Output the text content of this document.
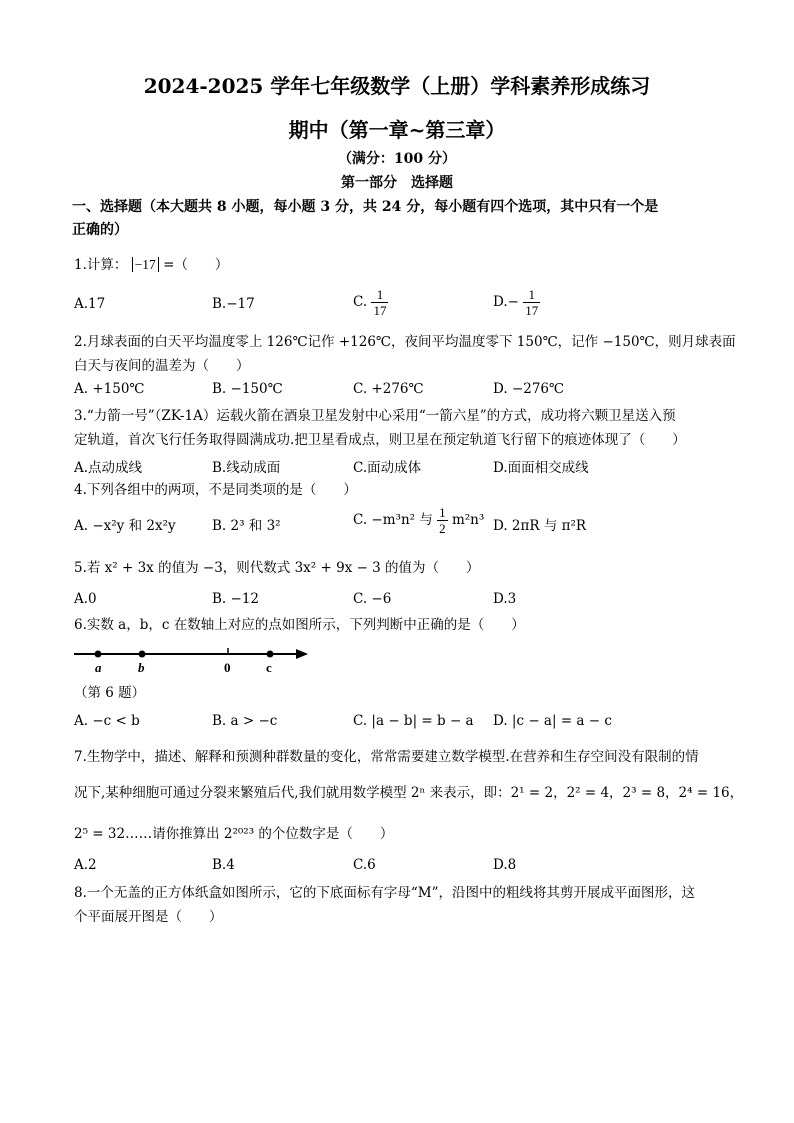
2024-2025 学年七年级数学（上册）学科素养形成练习
期中（第一章~第三章）
（满分：100 分）
第一部分　选择题
一、选择题（本大题共 8 小题，每小题 3 分，共 24 分，每小题有四个选项，其中只有一个是
正确的）
1.计算： −17 =（　　）
A.17	B.−17	C. $\frac{1}{17}$	$D.- \frac{1}{17}$
2.月球表面的白天平均温度零上 126℃记作 +126℃，夜间平均温度零下 150℃，记作 −150℃，则月球表面
白天与夜间的温差为（　　）
A. +150℃	B. −150℃	C. +276℃	D. −276℃
3.“力箭一号”（ZK-1A）运载火箭在酒泉卫星发射中心采用“一箭六星”的方式，成功将六颗卫星送入预
定轨道，首次飞行任务取得圆满成功.把卫星看成点，则卫星在预定轨道飞行留下的痕迹体现了（　　）
A.点动成线	B.线动成面	C.面动成体	D.面面相交成线
4.下列各组中的两项，不是同类项的是（　　）
A. −x²y 和 2x²y	B. 2³ 和 3²	C. −m³n² 与 $\frac{1}{2} m^2n^3$ D. 2πR 与 π²R
5.若 x² + 3x 的值为 −3，则代数式 3x² + 9x − 3 的值为（　　）
A.0	B. −12	C. −6	D.3
6.实数 a，b，c 在数轴上对应的点如图所示，下列判断中正确的是（　　）
a	b	0	c
（第 6 题）
A. −c < b	B. a > −c	C. |a − b| = b − a D. |c − a| = a − c
7.生物学中，描述、解释和预测种群数量的变化，常常需要建立数学模型.在营养和生存空间没有限制的情
况下,某种细胞可通过分裂来繁殖后代,我们就用数学模型 2ⁿ 来表示，即：2¹ = 2，2² = 4，2³ = 8，2⁴ = 16，
2⁵ = 32……请你推算出 2²⁰²³ 的个位数字是（　　）
A.2	B.4	C.6	D.8
8.一个无盖的正方体纸盒如图所示，它的下底面标有字母“M”，沿图中的粗线将其剪开展成平面图形，这
个平面展开图是（　　）
